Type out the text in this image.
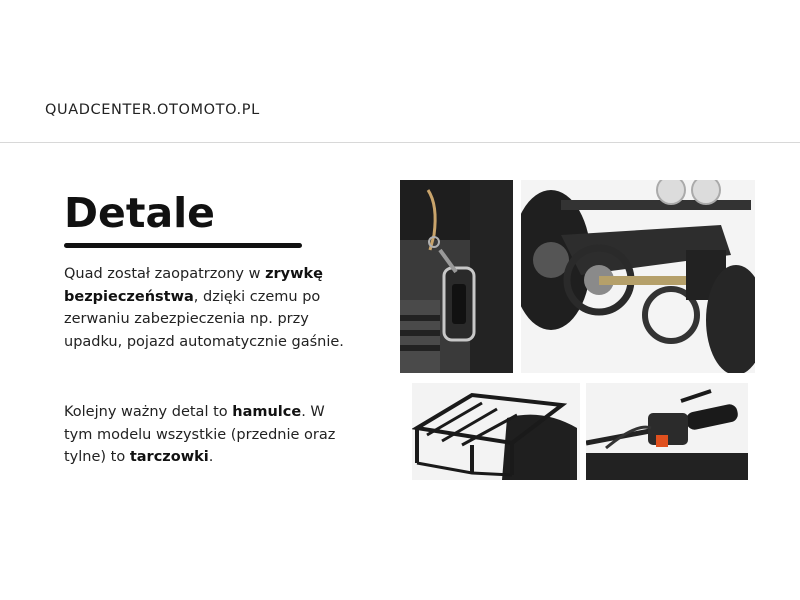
QUADCENTER.OTOMOTO.PL
Detale

Quad został zaopatrzony w zrywkę bezpieczeństwa, dzięki czemu po zerwaniu zabezpieczenia np. przy upadku, pojazd automatycznie gaśnie.

Kolejny ważny detal to hamulce. W tym modelu wszystkie (przednie oraz tylne) to tarczowki.
